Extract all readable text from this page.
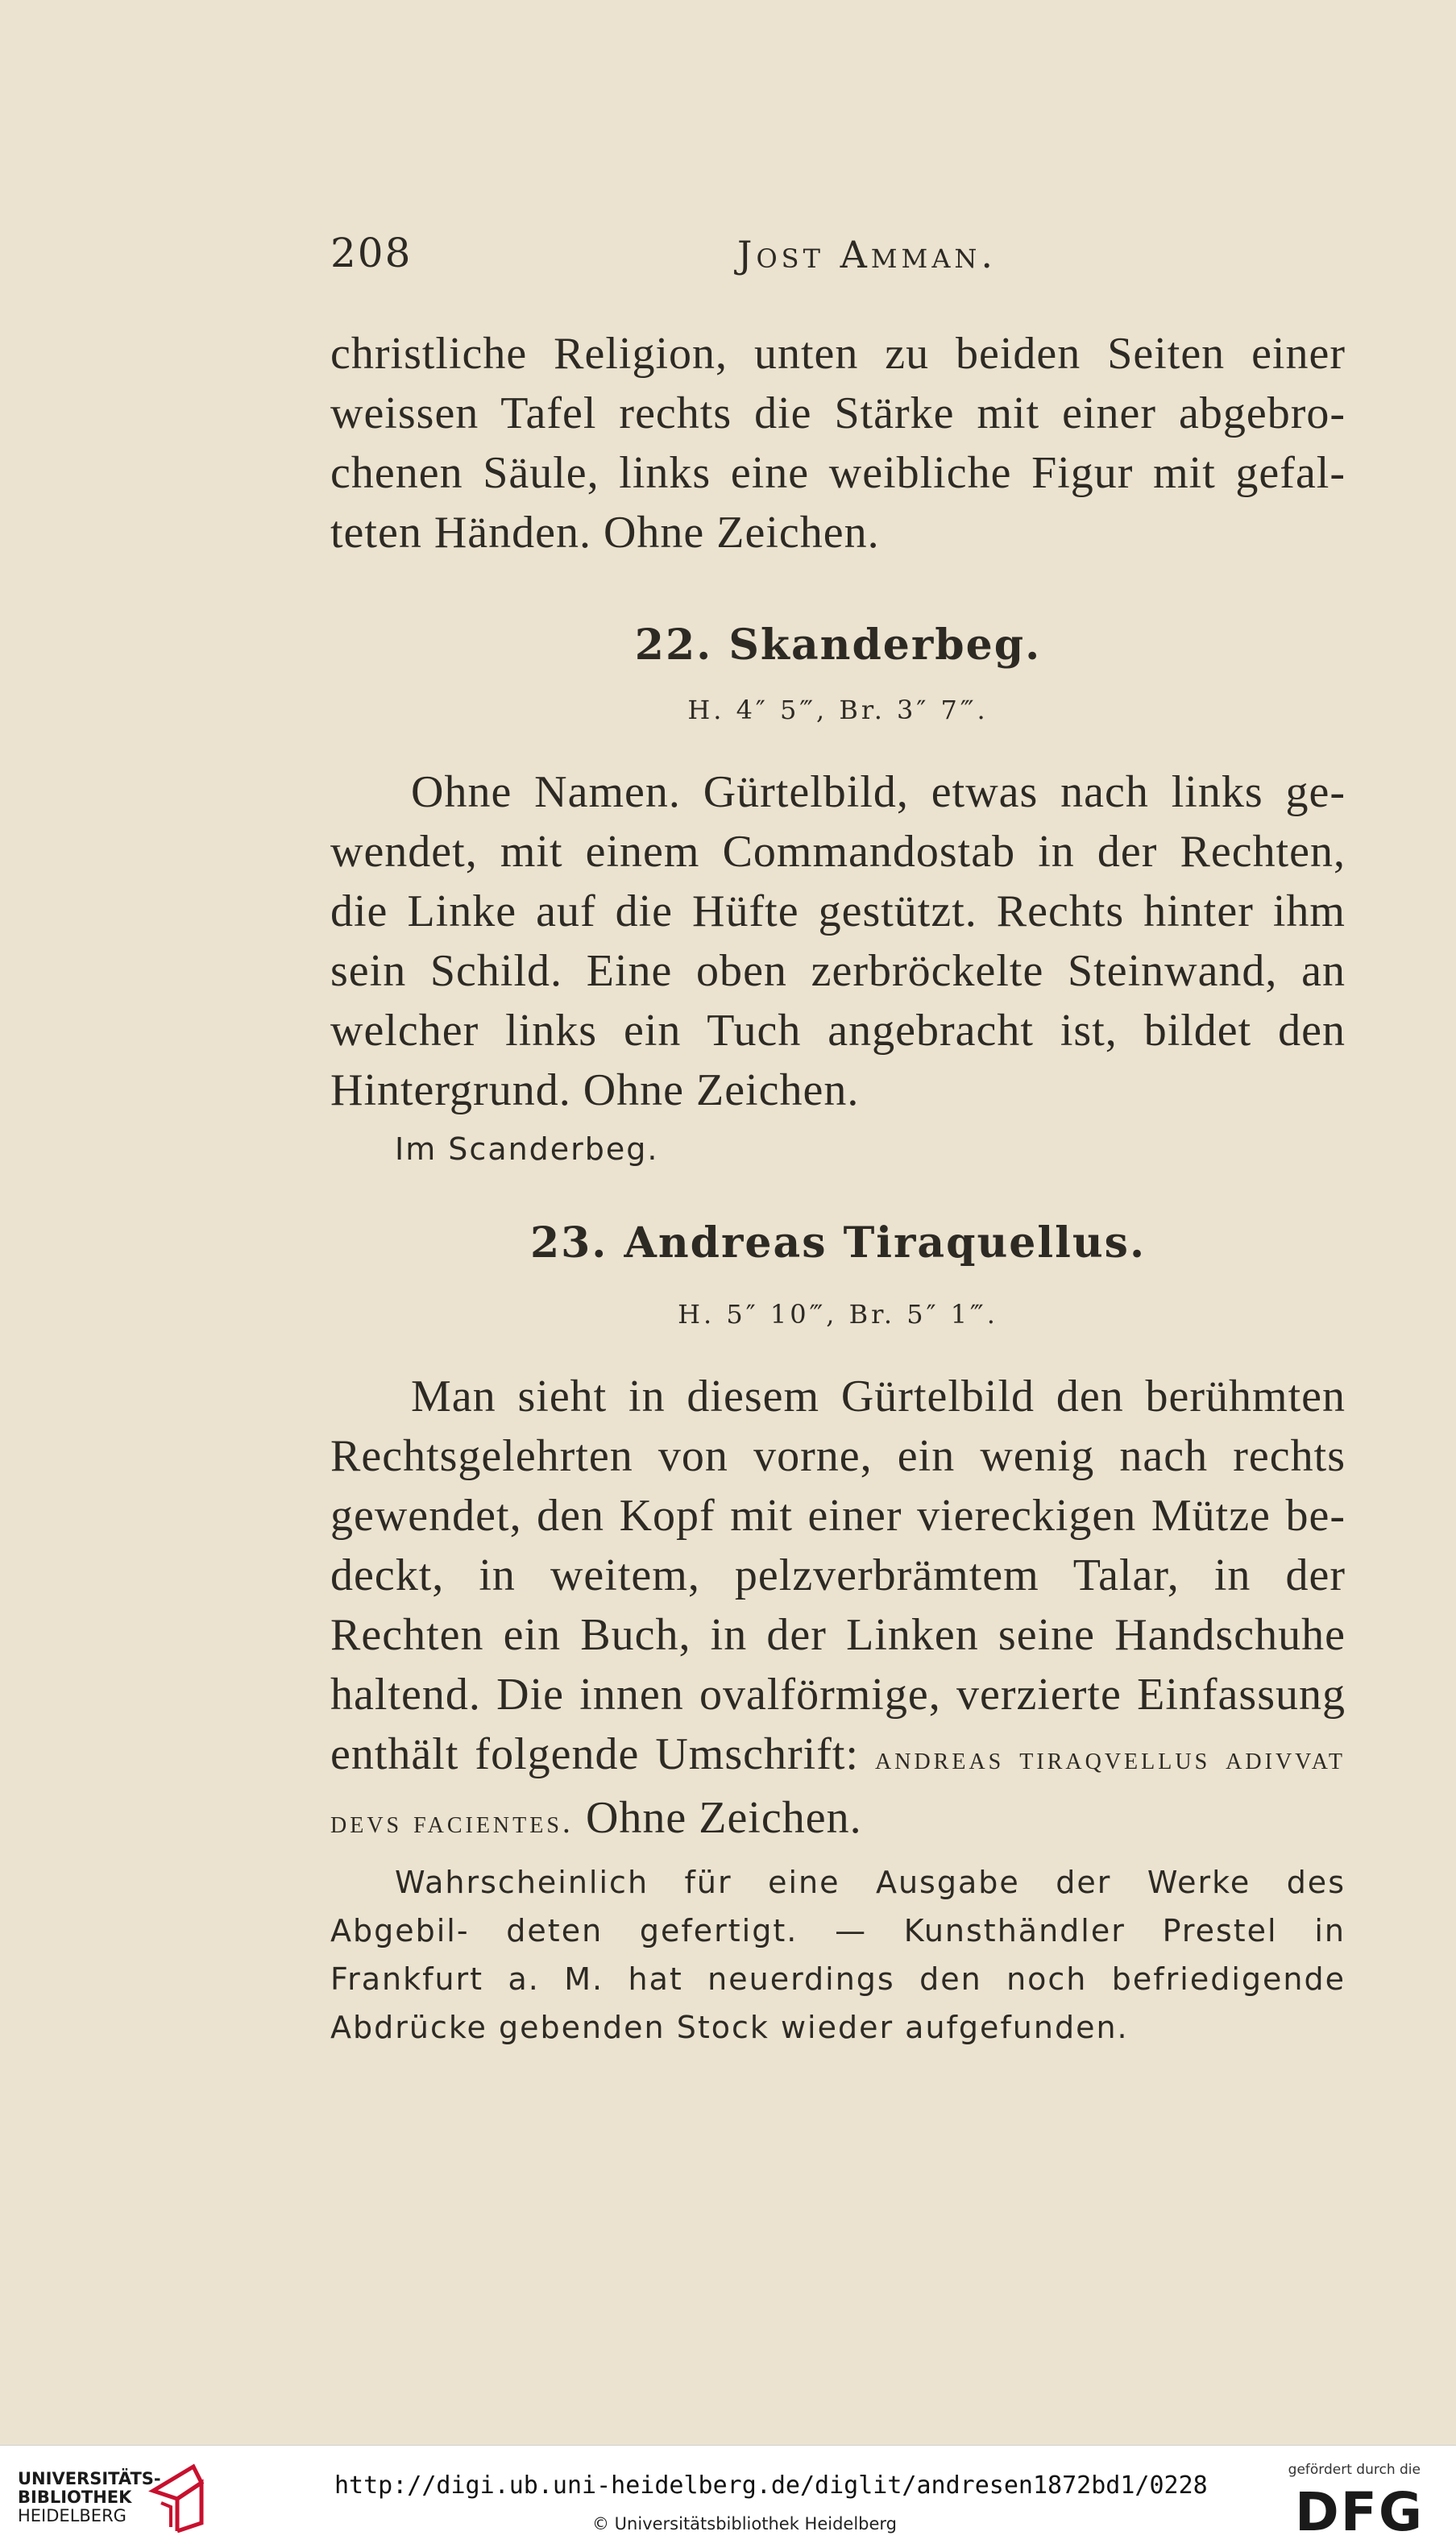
208	Jost Amman.

christliche Religion, unten zu beiden Seiten einer weissen Tafel rechts die Stärke mit einer abgebro- chenen Säule, links eine weibliche Figur mit gefal- teten Händen. Ohne Zeichen.

22. Skanderbeg.
H. 4″ 5‴, Br. 3″ 7‴.

Ohne Namen. Gürtelbild, etwas nach links ge- wendet, mit einem Commandostab in der Rechten, die Linke auf die Hüfte gestützt. Rechts hinter ihm sein Schild. Eine oben zerbröckelte Steinwand, an welcher links ein Tuch angebracht ist, bildet den Hintergrund. Ohne Zeichen.

Im Scanderbeg.

23. Andreas Tiraquellus.
H. 5″ 10‴, Br. 5″ 1‴.

Man sieht in diesem Gürtelbild den berühmten Rechtsgelehrten von vorne, ein wenig nach rechts gewendet, den Kopf mit einer viereckigen Mütze be- deckt, in weitem, pelzverbrämtem Talar, in der Rechten ein Buch, in der Linken seine Handschuhe haltend. Die innen ovalförmige, verzierte Einfassung enthält folgende Umschrift: andreas tiraqvellus adivvat devs facientes. Ohne Zeichen.

Wahrscheinlich für eine Ausgabe der Werke des Abgebil- deten gefertigt. — Kunsthändler Prestel in Frankfurt a. M. hat neuerdings den noch befriedigende Abdrücke gebenden Stock wieder aufgefunden.

UNIVERSITÄTS-
BIBLIOTHEK
HEIDELBERG
http://digi.ub.uni-heidelberg.de/diglit/andresen1872bd1/0228
© Universitätsbibliothek Heidelberg
gefördert durch die
DFG
